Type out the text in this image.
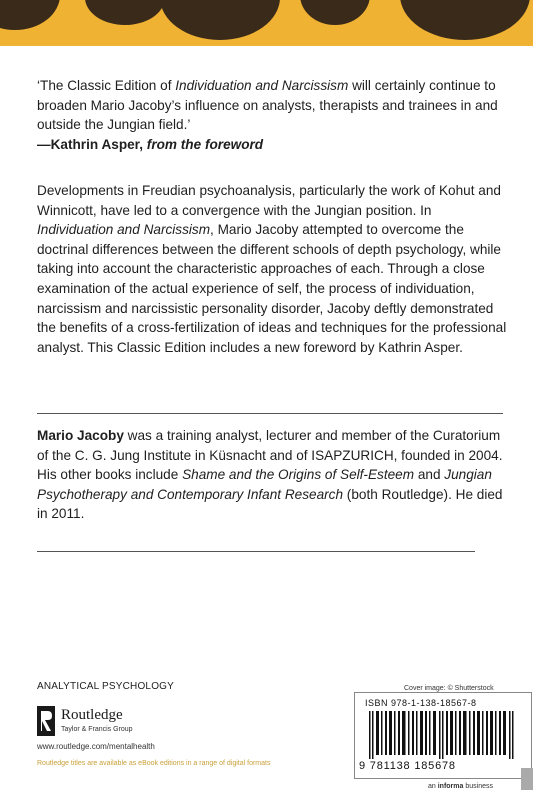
‘The Classic Edition of Individuation and Narcissism will certainly continue to broaden Mario Jacoby’s influence on analysts, therapists and trainees in and outside the Jungian field.’

—Kathrin Asper, from the foreword

Developments in Freudian psychoanalysis, particularly the work of Kohut and Winnicott, have led to a convergence with the Jungian position. In Individuation and Narcissism, Mario Jacoby attempted to overcome the doctrinal differences between the different schools of depth psychology, while taking into account the characteristic approaches of each. Through a close examination of the actual experience of self, the process of individuation, narcissism and narcissistic personality disorder, Jacoby deftly demonstrated the benefits of a cross-fertilization of ideas and techniques for the professional analyst. This Classic Edition includes a new foreword by Kathrin Asper.
Mario Jacoby was a training analyst, lecturer and member of the Curatorium of the C. G. Jung Institute in Küsnacht and of ISAPZURICH, founded in 2004. His other books include Shame and the Origins of Self-Esteem and Jungian Psychotherapy and Contemporary Infant Research (both Routledge). He died in 2011.
ANALYTICAL PSYCHOLOGY
Routledge
Taylor & Francis Group
www.routledge.com/mentalhealth
Routledge titles are available as eBook editions in a range of digital formats
Cover image: © Shutterstock
ISBN 978-1-138-18567-8
9 781138 185678
an informa business
